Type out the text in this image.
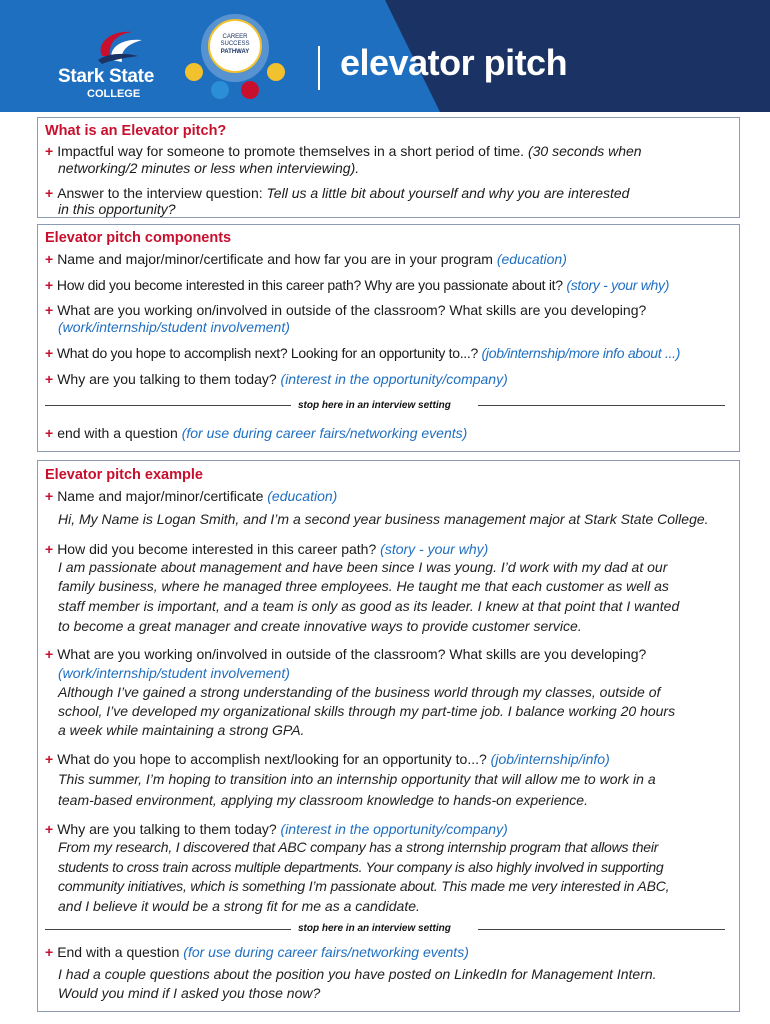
Stark State
COLLEGE
CAREER
SUCCESS
PATHWAY	elevator pitch
What is an Elevator pitch?
+ Impactful way for someone to promote themselves in a short period of time. (30 seconds when
networking/2 minutes or less when interviewing).
+ Answer to the interview question: Tell us a little bit about yourself and why you are interested
in this opportunity?
Elevator pitch components
+ Name and major/minor/certificate and how far you are in your program (education)
+ How did you become interested in this career path? Why are you passionate about it? (story - your why)
+ What are you working on/involved in outside of the classroom? What skills are you developing?
(work/internship/student involvement)
+ What do you hope to accomplish next? Looking for an opportunity to...? (job/internship/more info about ...)
+ Why are you talking to them today? (interest in the opportunity/company)
stop here in an interview setting
+ end with a question (for use during career fairs/networking events)
Elevator pitch example
+ Name and major/minor/certificate (education)
Hi, My Name is Logan Smith, and I’m a second year business management major at Stark State College.
+ How did you become interested in this career path? (story - your why)
I am passionate about management and have been since I was young. I’d work with my dad at our
family business, where he managed three employees. He taught me that each customer as well as
staff member is important, and a team is only as good as its leader. I knew at that point that I wanted
to become a great manager and create innovative ways to provide customer service.
+ What are you working on/involved in outside of the classroom? What skills are you developing?
(work/internship/student involvement)
Although I’ve gained a strong understanding of the business world through my classes, outside of
school, I’ve developed my organizational skills through my part-time job. I balance working 20 hours
a week while maintaining a strong GPA.
+ What do you hope to accomplish next/looking for an opportunity to...? (job/internship/info)
This summer, I’m hoping to transition into an internship opportunity that will allow me to work in a
team-based environment, applying my classroom knowledge to hands-on experience.
+ Why are you talking to them today? (interest in the opportunity/company)
From my research, I discovered that ABC company has a strong internship program that allows their
students to cross train across multiple departments. Your company is also highly involved in supporting
community initiatives, which is something I’m passionate about. This made me very interested in ABC,
and I believe it would be a strong fit for me as a candidate.
stop here in an interview setting
+ End with a question (for use during career fairs/networking events)
I had a couple questions about the position you have posted on LinkedIn for Management Intern.
Would you mind if I asked you those now?
